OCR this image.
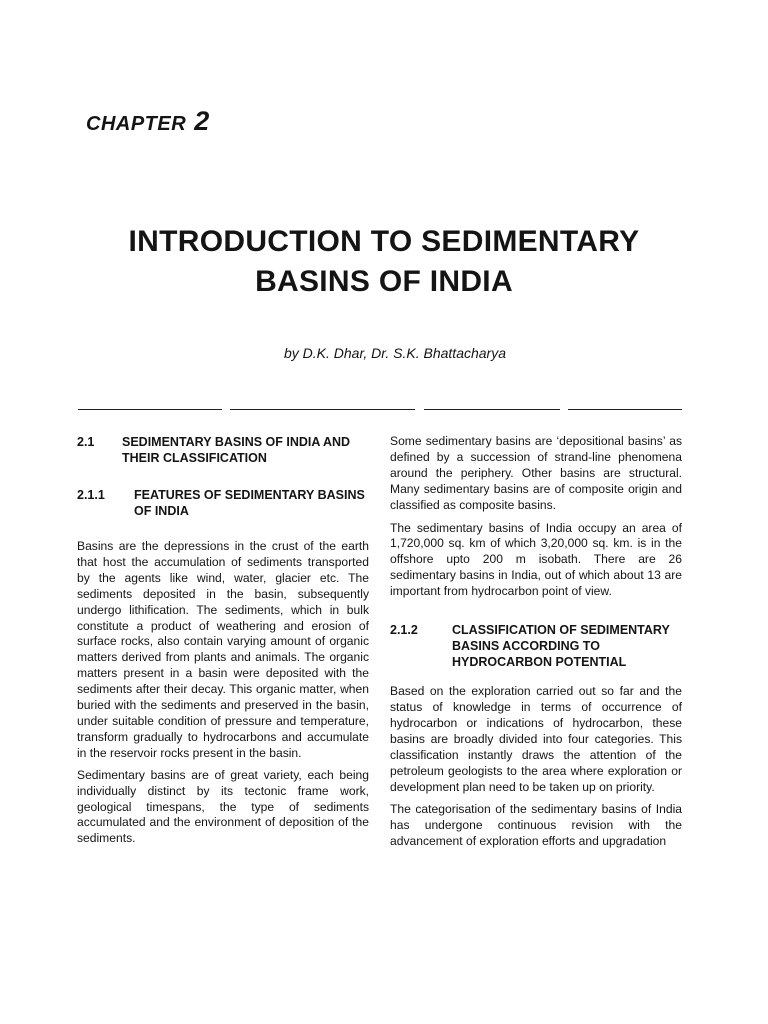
CHAPTER 2
INTRODUCTION TO SEDIMENTARY
BASINS OF INDIA
by D.K. Dhar, Dr. S.K. Bhattacharya
2.1	SEDIMENTARY BASINS OF INDIA AND THEIR CLASSIFICATION
2.1.1	FEATURES OF SEDIMENTARY BASINS OF INDIA

Basins are the depressions in the crust of the earth that host the accumulation of sediments transported by the agents like wind, water, glacier etc. The sediments deposited in the basin, subsequently undergo lithification. The sediments, which in bulk constitute a product of weathering and erosion of surface rocks, also contain varying amount of organic matters derived from plants and animals. The organic matters present in a basin were deposited with the sediments after their decay. This organic matter, when buried with the sediments and preserved in the basin, under suitable condition of pressure and temperature, transform gradually to hydrocarbons and accumulate in the reservoir rocks present in the basin.

Sedimentary basins are of great variety, each being individually distinct by its tectonic frame work, geological timespans, the type of sediments accumulated and the environment of deposition of the sediments.

Some sedimentary basins are ‘depositional basins’ as defined by a succession of strand-line phenomena around the periphery. Other basins are structural. Many sedimentary basins are of composite origin and classified as composite basins.

The sedimentary basins of India occupy an area of 1,720,000 sq. km of which 3,20,000 sq. km. is in the offshore upto 200 m isobath. There are 26 sedimentary basins in India, out of which about 13 are important from hydrocarbon point of view.

2.1.2	CLASSIFICATION OF SEDIMENTARY BASINS ACCORDING TO HYDROCARBON POTENTIAL

Based on the exploration carried out so far and the status of knowledge in terms of occurrence of hydrocarbon or indications of hydrocarbon, these basins are broadly divided into four categories. This classification instantly draws the attention of the petroleum geologists to the area where exploration or development plan need to be taken up on priority.

The categorisation of the sedimentary basins of India has undergone continuous revision with the advancement of exploration efforts and upgradation
